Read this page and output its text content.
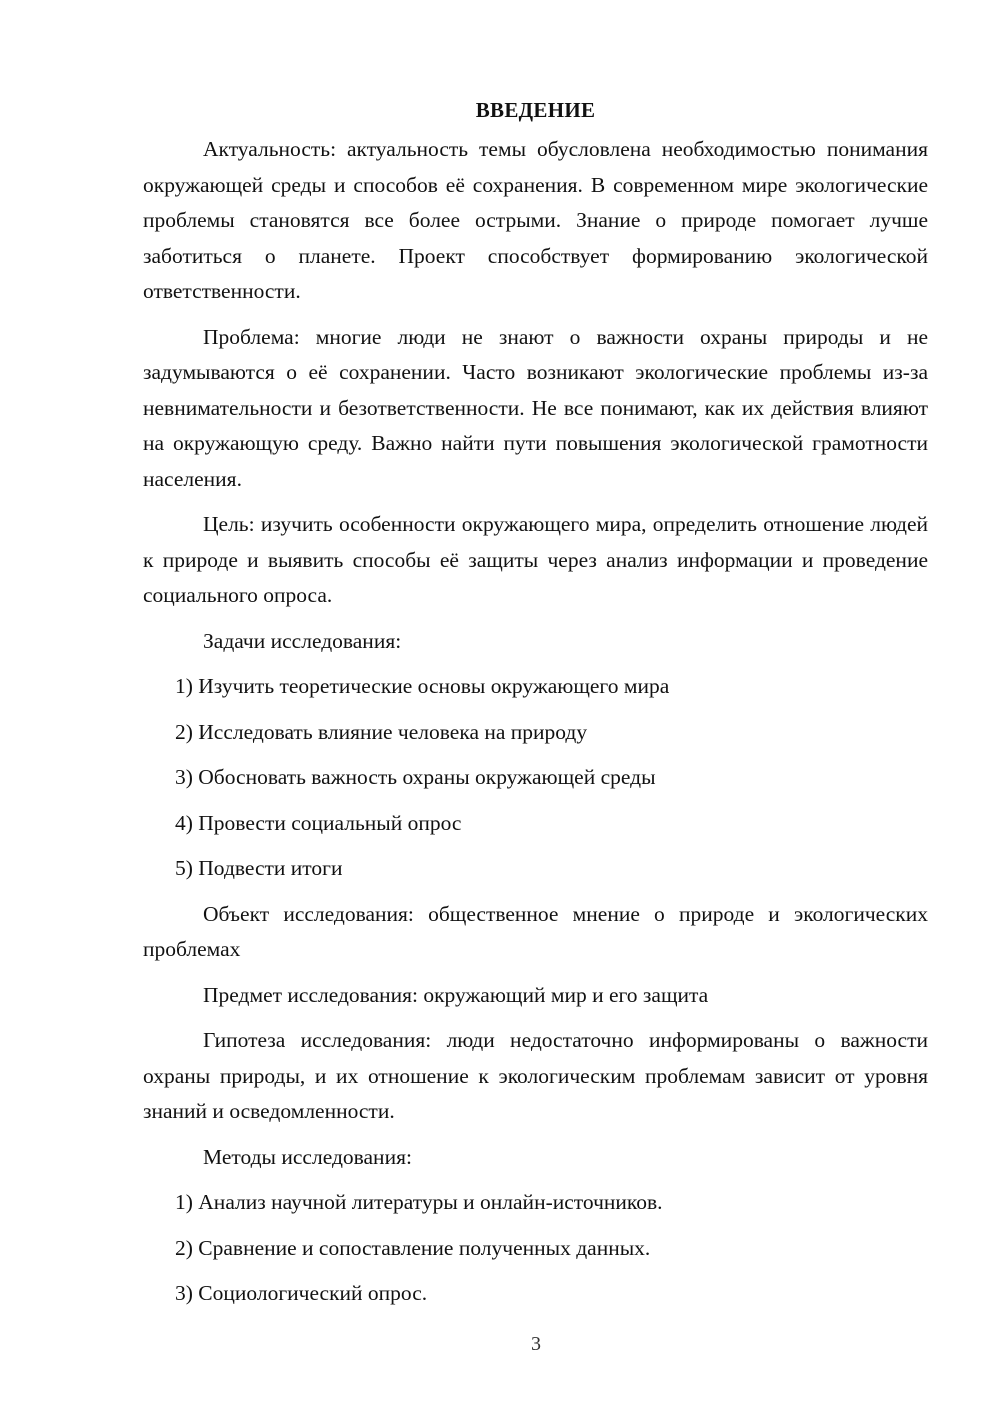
ВВЕДЕНИЕ

Актуальность: актуальность темы обусловлена необходимостью понимания окружающей среды и способов её сохранения. В современном мире экологические проблемы становятся все более острыми. Знание о природе помогает лучше заботиться о планете. Проект способствует формированию экологической ответственности.

Проблема: многие люди не знают о важности охраны природы и не задумываются о её сохранении. Часто возникают экологические проблемы из-за невнимательности и безответственности. Не все понимают, как их действия влияют на окружающую среду. Важно найти пути повышения экологической грамотности населения.

Цель: изучить особенности окружающего мира, определить отношение людей к природе и выявить способы её защиты через анализ информации и проведение социального опроса.

Задачи исследования:

1) Изучить теоретические основы окружающего мира
2) Исследовать влияние человека на природу
3) Обосновать важность охраны окружающей среды
4) Провести социальный опрос
5) Подвести итоги

Объект исследования: общественное мнение о природе и экологических проблемах

Предмет исследования: окружающий мир и его защита

Гипотеза исследования: люди недостаточно информированы о важности охраны природы, и их отношение к экологическим проблемам зависит от уровня знаний и осведомленности.

Методы исследования:

1) Анализ научной литературы и онлайн-источников.
2) Сравнение и сопоставление полученных данных.
3) Социологический опрос.
3
